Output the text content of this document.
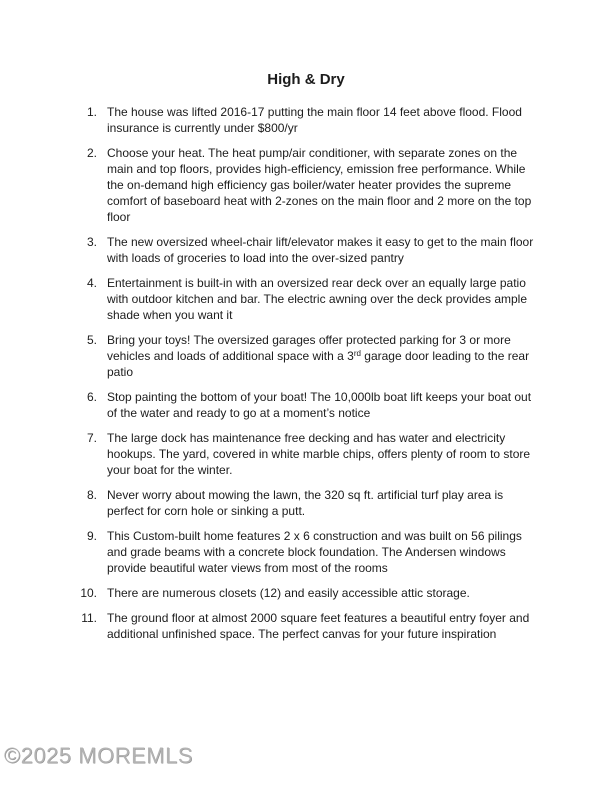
High & Dry
1. The house was lifted 2016-17 putting the main floor 14 feet above flood. Flood insurance is currently under $800/yr
2. Choose your heat. The heat pump/air conditioner, with separate zones on the main and top floors, provides high-efficiency, emission free performance. While the on-demand high efficiency gas boiler/water heater provides the supreme comfort of baseboard heat with 2-zones on the main floor and 2 more on the top floor
3. The new oversized wheel-chair lift/elevator makes it easy to get to the main floor with loads of groceries to load into the over-sized pantry
4. Entertainment is built-in with an oversized rear deck over an equally large patio with outdoor kitchen and bar. The electric awning over the deck provides ample shade when you want it
5. Bring your toys! The oversized garages offer protected parking for 3 or more vehicles and loads of additional space with a 3rd garage door leading to the rear patio
6. Stop painting the bottom of your boat! The 10,000lb boat lift keeps your boat out of the water and ready to go at a moment’s notice
7. The large dock has maintenance free decking and has water and electricity hookups. The yard, covered in white marble chips, offers plenty of room to store your boat for the winter.
8. Never worry about mowing the lawn, the 320 sq ft. artificial turf play area is perfect for corn hole or sinking a putt.
9. This Custom-built home features 2 x 6 construction and was built on 56 pilings and grade beams with a concrete block foundation. The Andersen windows provide beautiful water views from most of the rooms
10. There are numerous closets (12) and easily accessible attic storage.
11. The ground floor at almost 2000 square feet features a beautiful entry foyer and additional unfinished space. The perfect canvas for your future inspiration
©2025 MOREMLS
